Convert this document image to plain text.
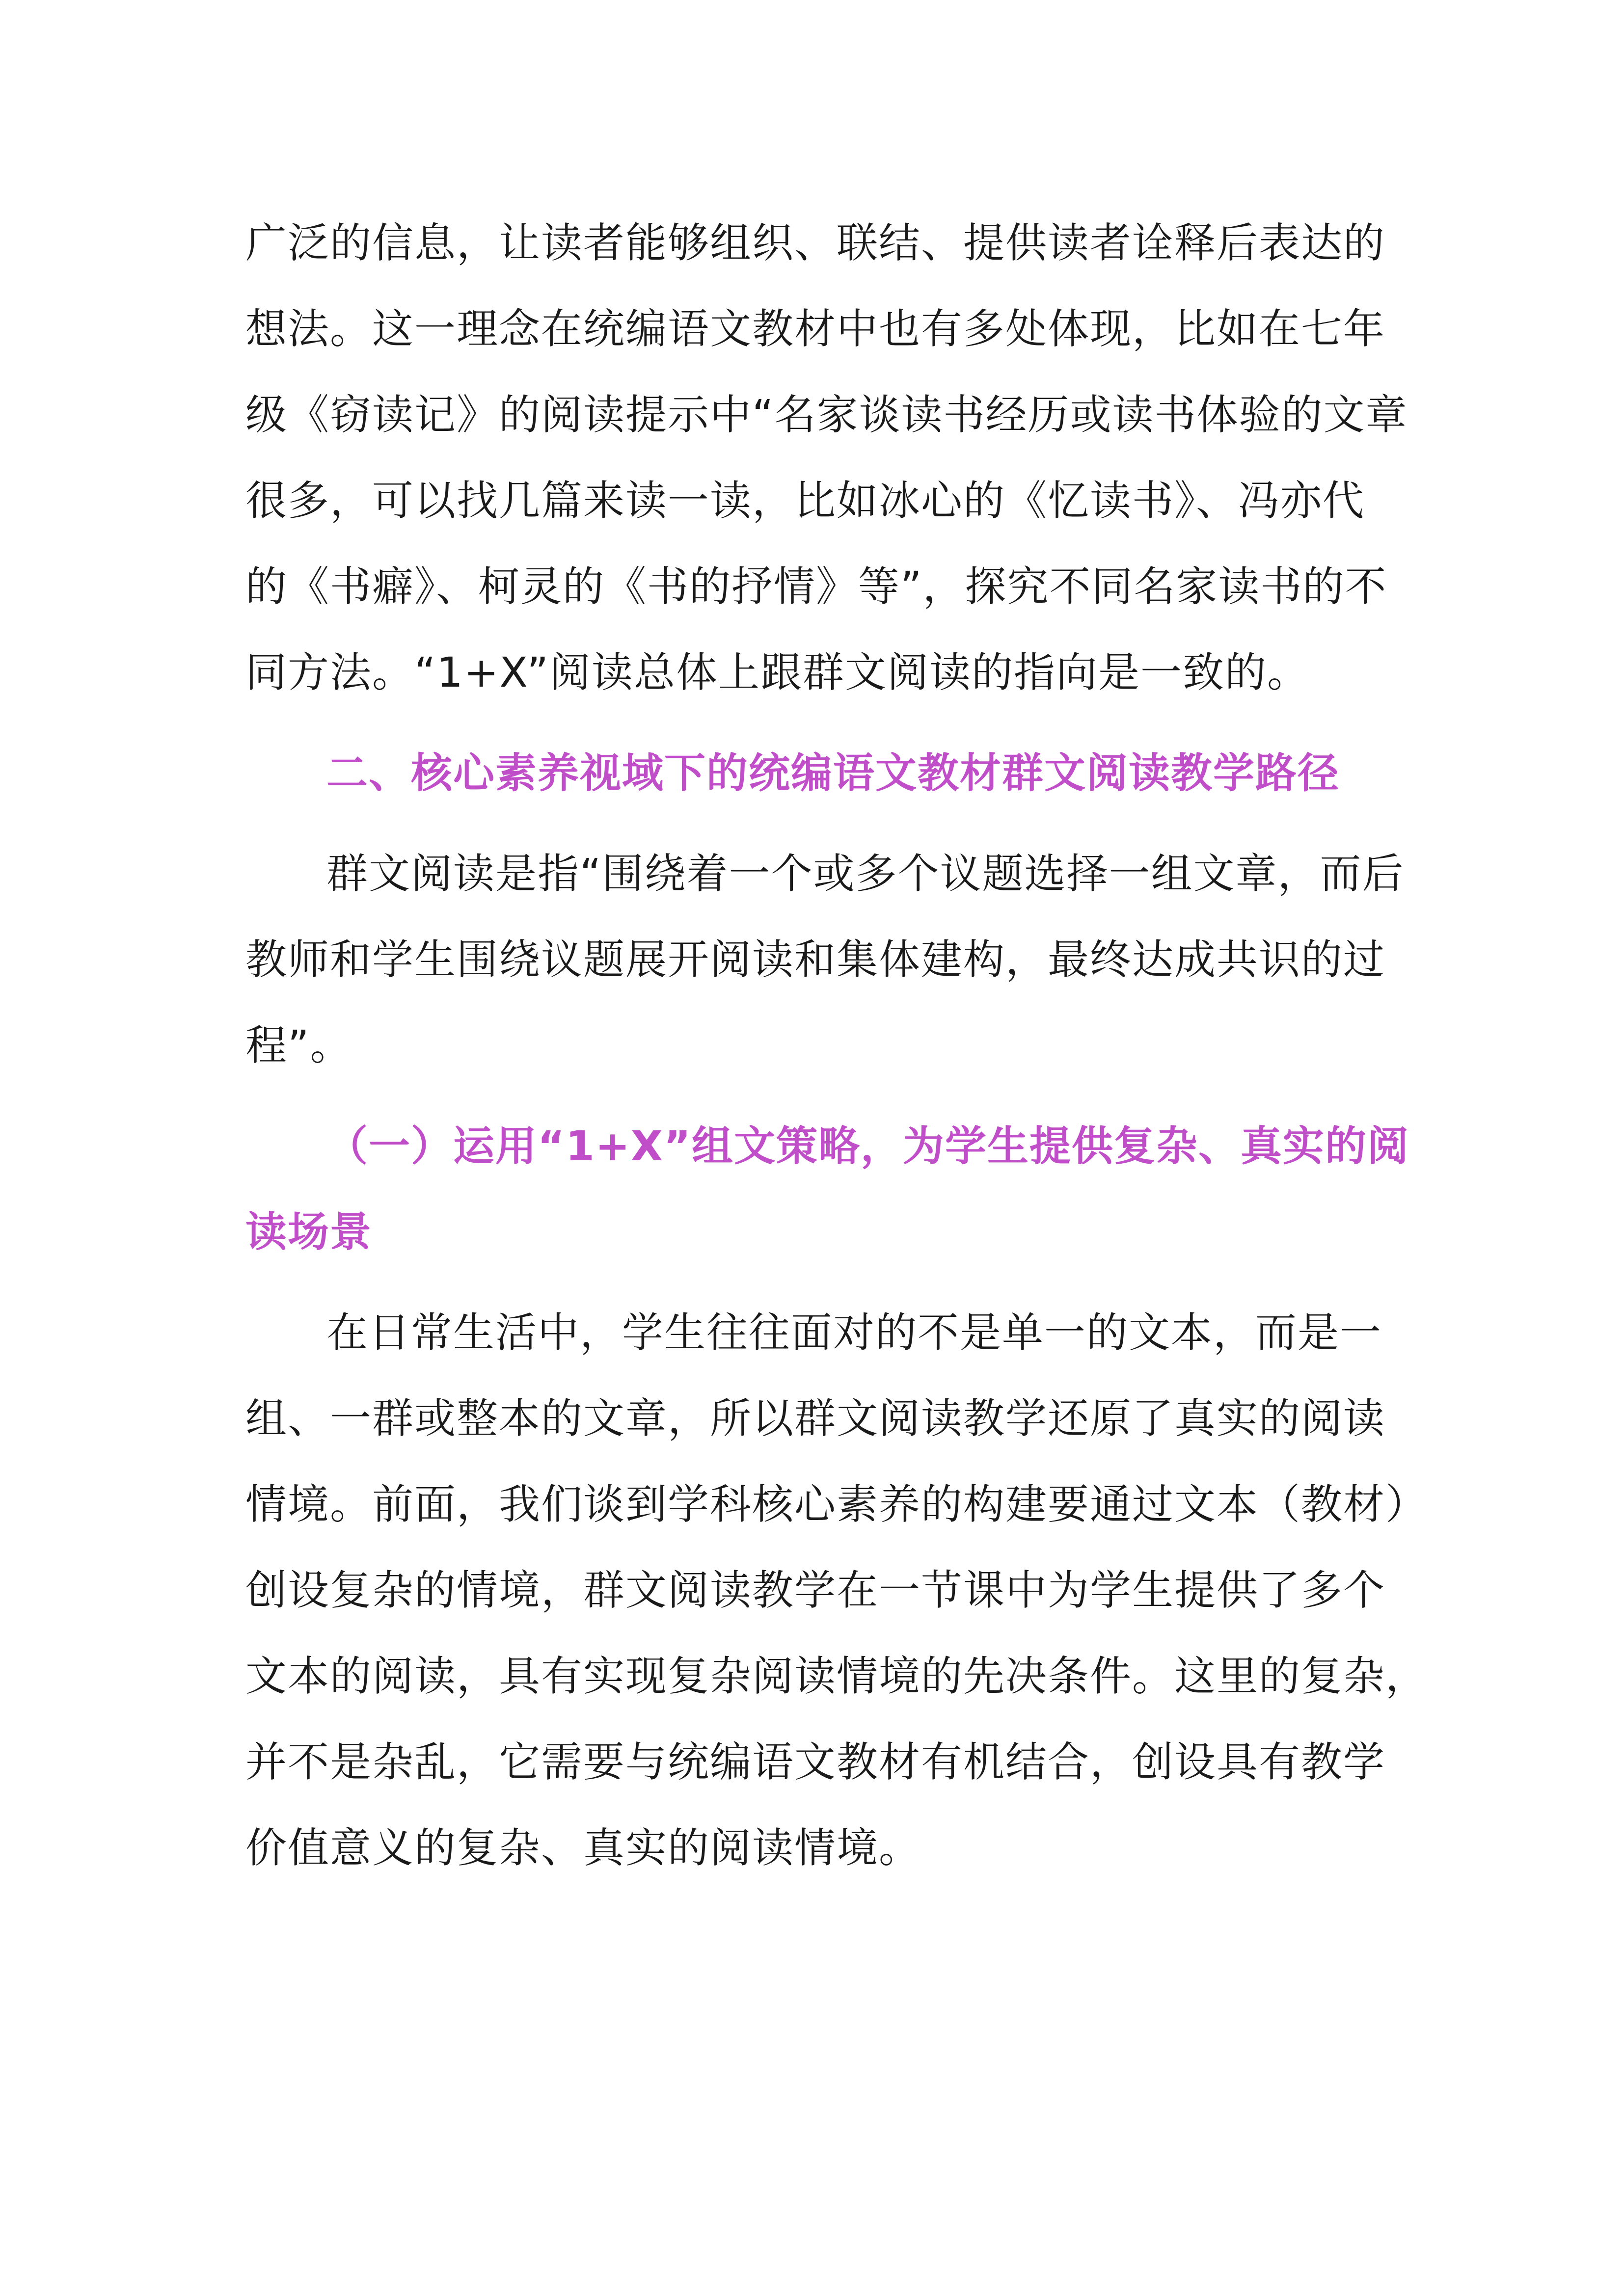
广泛的信息，让读者能够组织、联结、提供读者诠释后表达的
想法。这一理念在统编语文教材中也有多处体现，比如在七年
级《窃读记》的阅读提示中“名家谈读书经历或读书体验的文章
很多，可以找几篇来读一读，比如冰心的《忆读书》、冯亦代
的《书癖》、柯灵的《书的抒情》等”，探究不同名家读书的不
同方法。“1+X”阅读总体上跟群文阅读的指向是一致的。
二、核心素养视域下的统编语文教材群文阅读教学路径
群文阅读是指“围绕着一个或多个议题选择一组文章，而后
教师和学生围绕议题展开阅读和集体建构，最终达成共识的过
程”。
（一）运用“1+X”组文策略，为学生提供复杂、真实的阅
读场景
在日常生活中，学生往往面对的不是单一的文本，而是一
组、一群或整本的文章，所以群文阅读教学还原了真实的阅读
情境。前面，我们谈到学科核心素养的构建要通过文本（教材）
创设复杂的情境，群文阅读教学在一节课中为学生提供了多个
文本的阅读，具有实现复杂阅读情境的先决条件。这里的复杂，
并不是杂乱，它需要与统编语文教材有机结合，创设具有教学
价值意义的复杂、真实的阅读情境。
